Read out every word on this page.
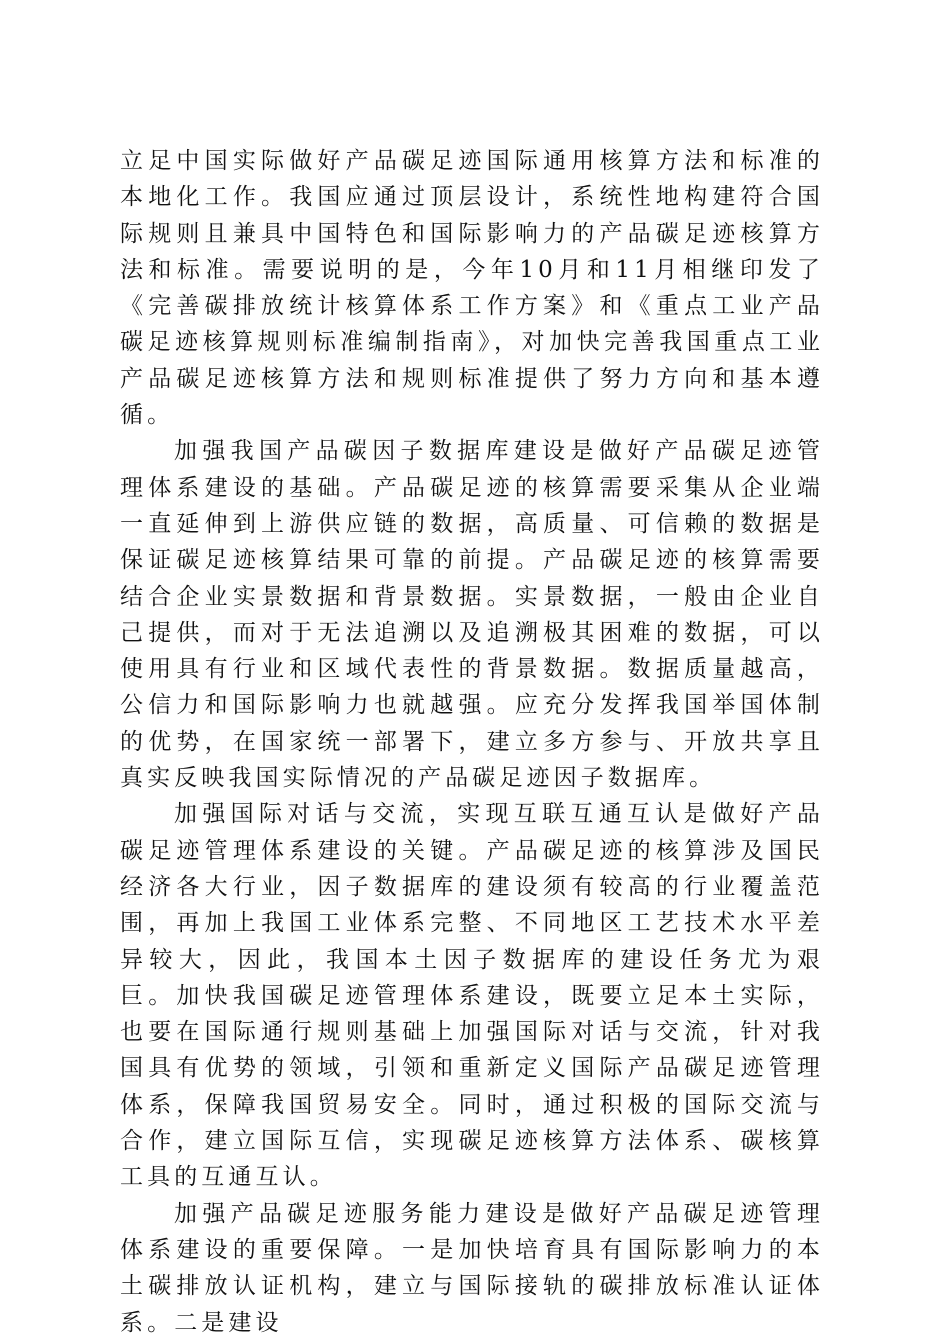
立足中国实际做好产品碳足迹国际通用核算方法和标准的本地化工作。我国应通过顶层设计，系统性地构建符合国际规则且兼具中国特色和国际影响力的产品碳足迹核算方法和标准。需要说明的是，今年10月和11月相继印发了《完善碳排放统计核算体系工作方案》和《重点工业产品碳足迹核算规则标准编制指南》，对加快完善我国重点工业产品碳足迹核算方法和规则标准提供了努力方向和基本遵循。

加强我国产品碳因子数据库建设是做好产品碳足迹管理体系建设的基础。产品碳足迹的核算需要采集从企业端一直延伸到上游供应链的数据，高质量、可信赖的数据是保证碳足迹核算结果可靠的前提。产品碳足迹的核算需要结合企业实景数据和背景数据。实景数据，一般由企业自己提供，而对于无法追溯以及追溯极其困难的数据，可以使用具有行业和区域代表性的背景数据。数据质量越高，公信力和国际影响力也就越强。应充分发挥我国举国体制的优势，在国家统一部署下，建立多方参与、开放共享且真实反映我国实际情况的产品碳足迹因子数据库。

加强国际对话与交流，实现互联互通互认是做好产品碳足迹管理体系建设的关键。产品碳足迹的核算涉及国民经济各大行业，因子数据库的建设须有较高的行业覆盖范围，再加上我国工业体系完整、不同地区工艺技术水平差异较大，因此，我国本土因子数据库的建设任务尤为艰巨。加快我国碳足迹管理体系建设，既要立足本土实际，也要在国际通行规则基础上加强国际对话与交流，针对我国具有优势的领域，引领和重新定义国际产品碳足迹管理体系，保障我国贸易安全。同时，通过积极的国际交流与合作，建立国际互信，实现碳足迹核算方法体系、碳核算工具的互通互认。

加强产品碳足迹服务能力建设是做好产品碳足迹管理体系建设的重要保障。一是加快培育具有国际影响力的本土碳排放认证机构，建立与国际接轨的碳排放标准认证体系。二是建设
